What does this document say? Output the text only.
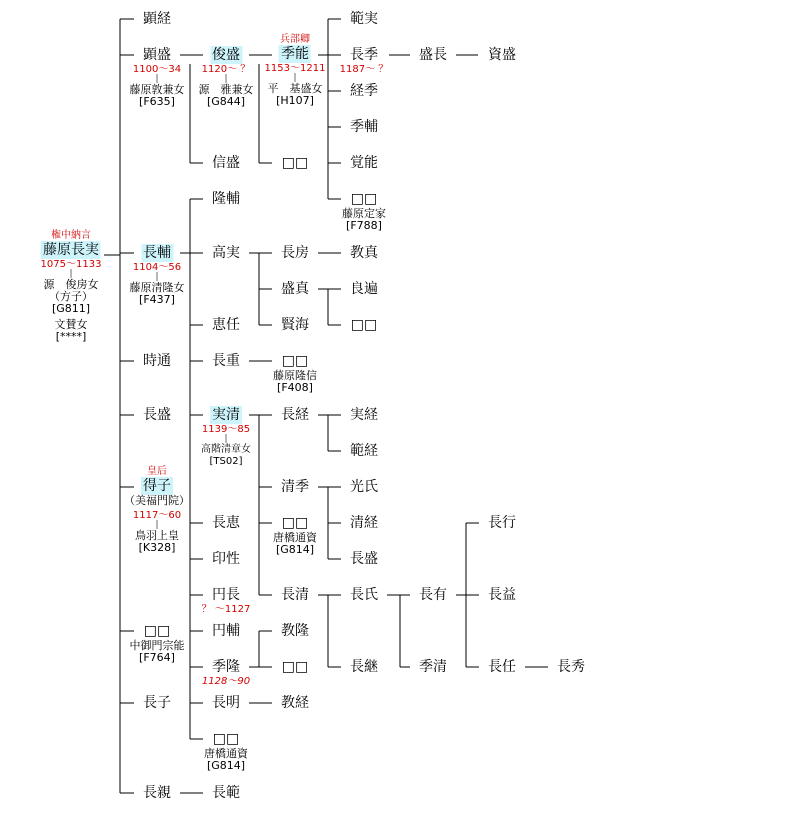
権中納言
藤原長実
1075〜1133
|
源　俊房女
（方子）
[G811]
文賛女
[****]
顕経
顕盛
1100〜34
|
藤原敦兼女
[F635]
長輔
1104〜56
|
藤原清隆女
[F437]
時通
長盛
皇后
得子
（美福門院）
1117〜60
|
鳥羽上皇
[K328]
□□
中御門宗能
[F764]
長子
長親
俊盛
1120〜 ？
|
源　雅兼女
[G844]
信盛
隆輔
高実
恵任
長重
実清
1139〜85
|
高階清章女
[TS02]
長恵
印性
円長
？ 〜1127
円輔
季隆
1128〜90
長明
□□
唐橋通資
[G814]
長範
兵部卿
季能
1153〜1211
|
平　基盛女
[H107]
□□
長房
盛真
賢海
□□
藤原隆信
[F408]
長経
清季
□□
唐橋通資
[G814]
長清
教隆
□□
教経
範実
長季
1187〜 ？
経季
季輔
覚能
□□
藤原定家
[F788]
教真
良遍
□□
実経
範経
光氏
清経
長盛
長氏
長継
盛長
長有
季清
資盛
長行
長益
長任	長秀
